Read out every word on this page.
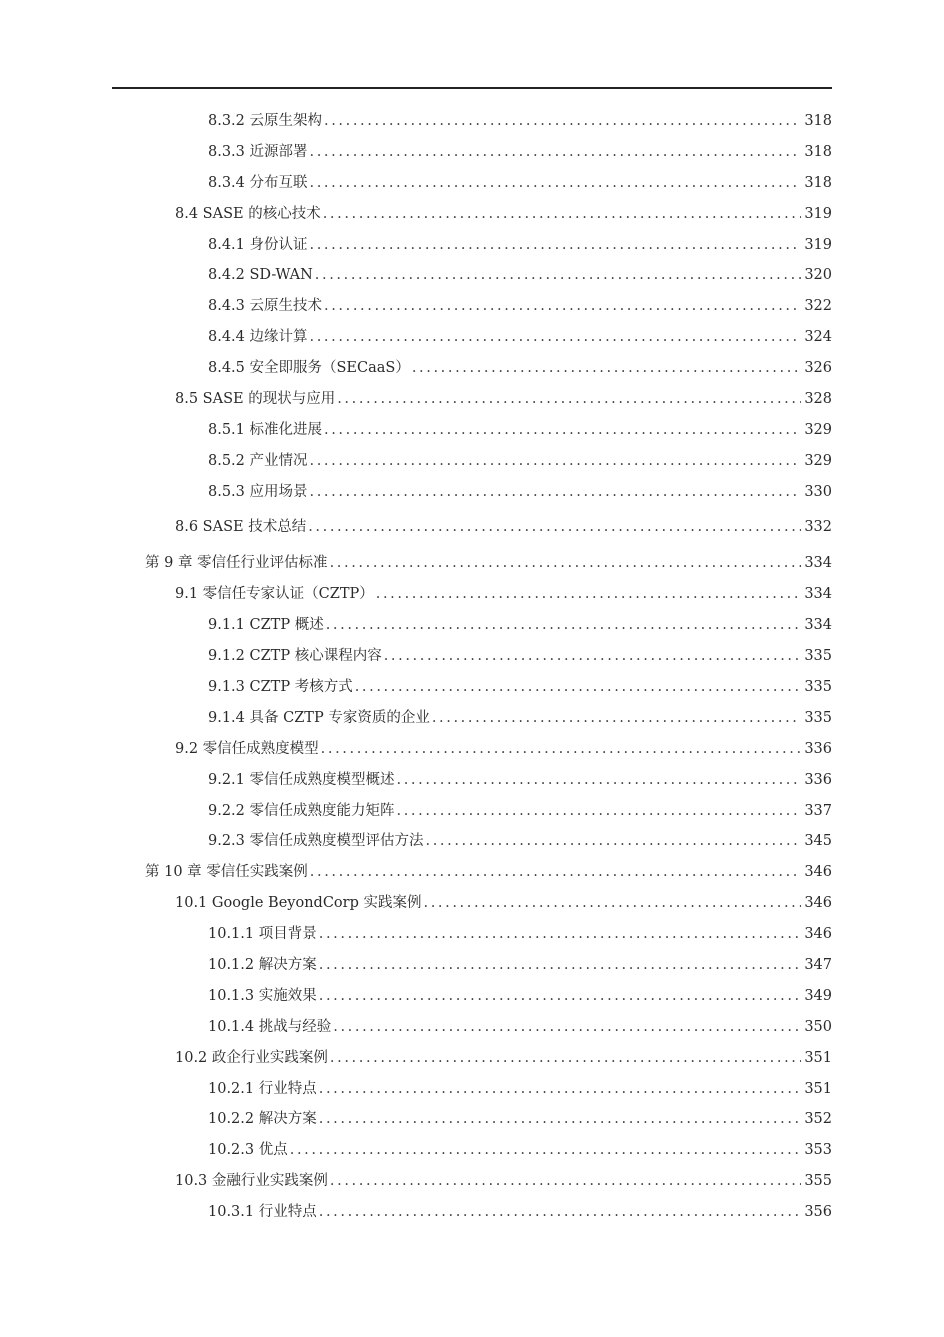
8.3.2 云原生架构 .....	318
8.3.3 近源部署 .....	318
8.3.4 分布互联 .....	318
8.4 SASE 的核心技术 .....	319
8.4.1 身份认证 .....	319
8.4.2 SD-WAN .....	320
8.4.3 云原生技术 .....	322
8.4.4 边缘计算 .....	324
8.4.5 安全即服务（SECaaS） .....	326
8.5 SASE 的现状与应用 .....	328
8.5.1 标准化进展 .....	329
8.5.2 产业情况 .....	329
8.5.3 应用场景 .....	330
8.6 SASE 技术总结 .....	332
第 9 章 零信任行业评估标准 .....	334
9.1 零信任专家认证（CZTP） .....	334
9.1.1 CZTP 概述 .....	334
9.1.2 CZTP 核心课程内容 .....	335
9.1.3 CZTP 考核方式 .....	335
9.1.4 具备 CZTP 专家资质的企业 .....	335
9.2 零信任成熟度模型 .....	336
9.2.1 零信任成熟度模型概述 .....	336
9.2.2 零信任成熟度能力矩阵 .....	337
9.2.3 零信任成熟度模型评估方法 .....	345
第 10 章 零信任实践案例 .....	346
10.1 Google BeyondCorp 实践案例 .....	346
10.1.1 项目背景 .....	346
10.1.2 解决方案 .....	347
10.1.3 实施效果 .....	349
10.1.4 挑战与经验 .....	350
10.2 政企行业实践案例 .....	351
10.2.1 行业特点 .....	351
10.2.2 解决方案 .....	352
10.2.3 优点 .....	353
10.3 金融行业实践案例 .....	355
10.3.1 行业特点 .....	356
